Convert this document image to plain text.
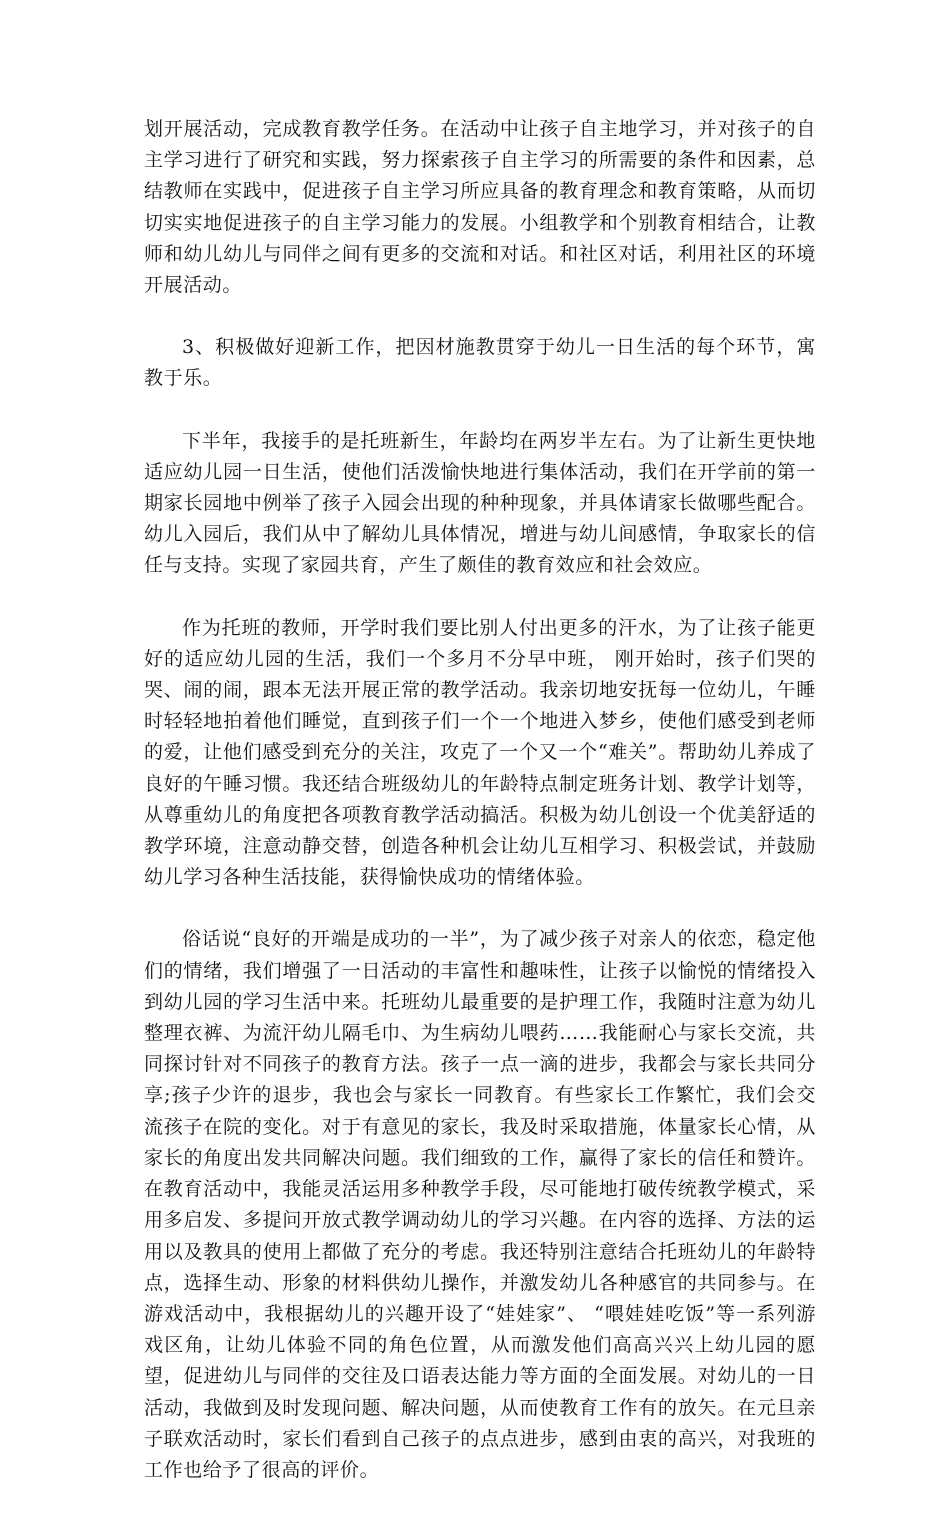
划开展活动，完成教育教学任务。在活动中让孩子自主地学习，并对孩子的自主学习进行了研究和实践，努力探索孩子自主学习的所需要的条件和因素，总结教师在实践中，促进孩子自主学习所应具备的教育理念和教育策略，从而切切实实地促进孩子的自主学习能力的发展。小组教学和个别教育相结合，让教师和幼儿幼儿与同伴之间有更多的交流和对话。和社区对话，利用社区的环境开展活动。

3、积极做好迎新工作，把因材施教贯穿于幼儿一日生活的每个环节，寓教于乐。

下半年，我接手的是托班新生，年龄均在两岁半左右。为了让新生更快地适应幼儿园一日生活，使他们活泼愉快地进行集体活动，我们在开学前的第一期家长园地中例举了孩子入园会出现的种种现象，并具体请家长做哪些配合。幼儿入园后，我们从中了解幼儿具体情况，增进与幼儿间感情，争取家长的信任与支持。实现了家园共育，产生了颇佳的教育效应和社会效应。

作为托班的教师，开学时我们要比别人付出更多的汗水，为了让孩子能更好的适应幼儿园的生活，我们一个多月不分早中班， 刚开始时，孩子们哭的哭、闹的闹，跟本无法开展正常的教学活动。我亲切地安抚每一位幼儿，午睡时轻轻地拍着他们睡觉，直到孩子们一个一个地进入梦乡，使他们感受到老师的爱，让他们感受到充分的关注，攻克了一个又一个“难关”。帮助幼儿养成了良好的午睡习惯。我还结合班级幼儿的年龄特点制定班务计划、教学计划等，从尊重幼儿的角度把各项教育教学活动搞活。积极为幼儿创设一个优美舒适的教学环境，注意动静交替，创造各种机会让幼儿互相学习、积极尝试，并鼓励幼儿学习各种生活技能，获得愉快成功的情绪体验。

俗话说“良好的开端是成功的一半”，为了减少孩子对亲人的依恋，稳定他们的情绪，我们增强了一日活动的丰富性和趣味性，让孩子以愉悦的情绪投入到幼儿园的学习生活中来。托班幼儿最重要的是护理工作，我随时注意为幼儿整理衣裤、为流汗幼儿隔毛巾、为生病幼儿喂药……我能耐心与家长交流，共同探讨针对不同孩子的教育方法。孩子一点一滴的进步，我都会与家长共同分享;孩子少许的退步，我也会与家长一同教育。有些家长工作繁忙，我们会交流孩子在院的变化。对于有意见的家长，我及时采取措施，体量家长心情，从家长的角度出发共同解决问题。我们细致的工作，赢得了家长的信任和赞许。在教育活动中，我能灵活运用多种教学手段，尽可能地打破传统教学模式，采用多启发、多提问开放式教学调动幼儿的学习兴趣。在内容的选择、方法的运用以及教具的使用上都做了充分的考虑。我还特别注意结合托班幼儿的年龄特点，选择生动、形象的材料供幼儿操作，并激发幼儿各种感官的共同参与。在游戏活动中，我根据幼儿的兴趣开设了“娃娃家”、 “喂娃娃吃饭”等一系列游戏区角，让幼儿体验不同的角色位置，从而激发他们高高兴兴上幼儿园的愿望，促进幼儿与同伴的交往及口语表达能力等方面的全面发展。对幼儿的一日活动，我做到及时发现问题、解决问题，从而使教育工作有的放矢。在元旦亲子联欢活动时，家长们看到自己孩子的点点进步，感到由衷的高兴，对我班的工作也给予了很高的评价。
